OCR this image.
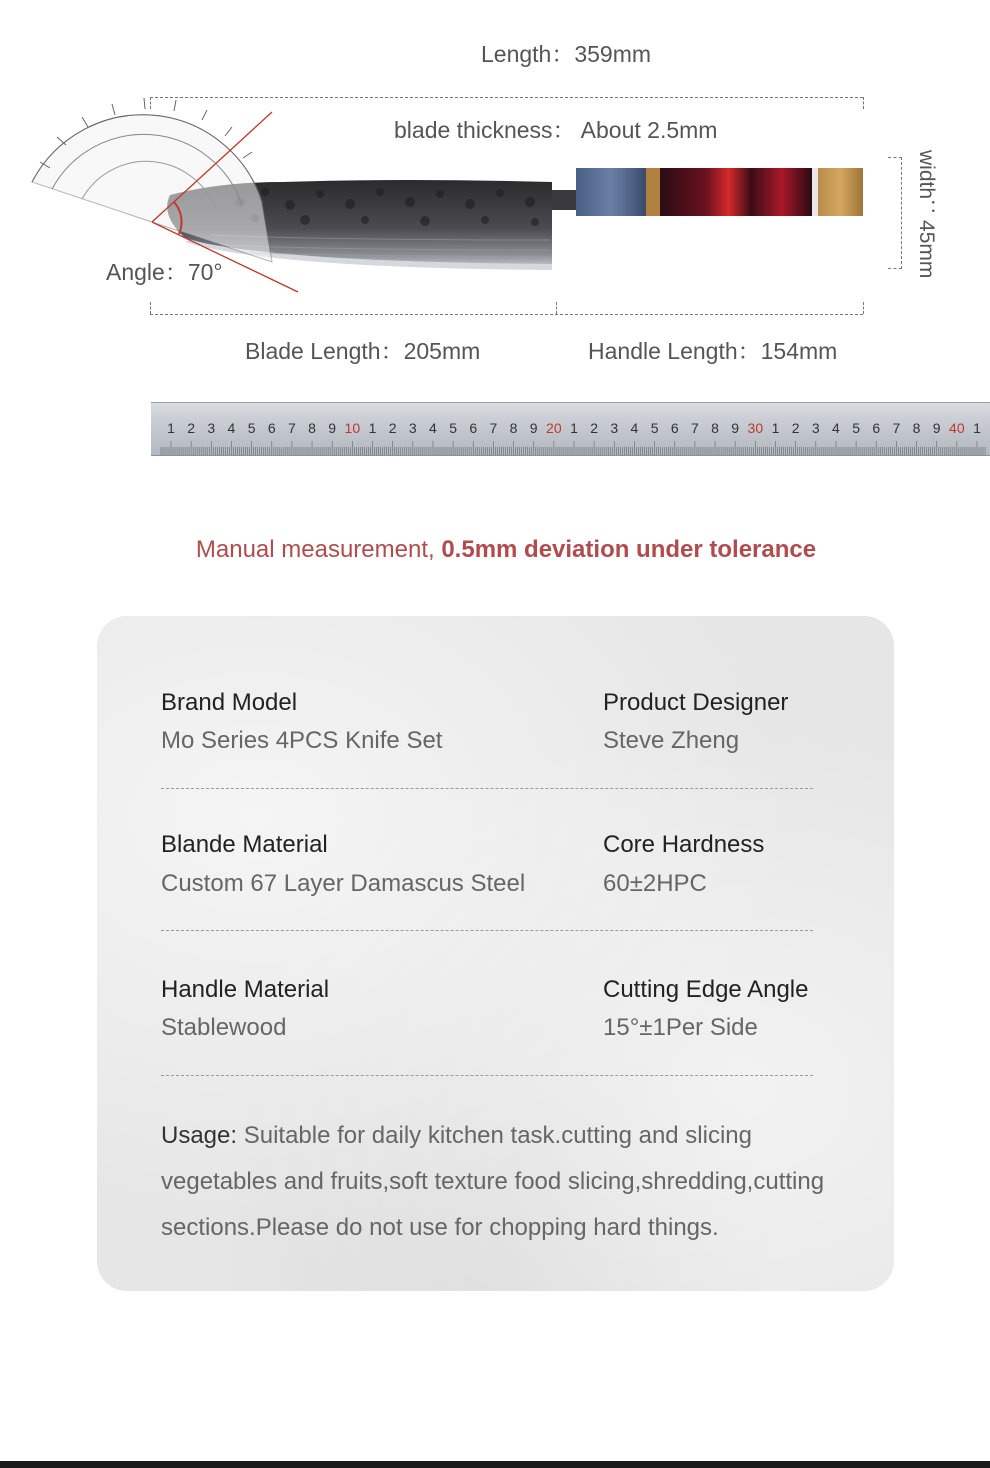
Length：359mm
blade thickness： About 2.5mm
Angle：70°	width：45mm
Blade Length：205mm	Handle Length：154mm
1 2 3 4 5 6 7 8 9 10 1 2 3 4 5 6 7 8 9 20 1 2 3 4 5 6 7 8 9 30 1 2 3 4 5 6 7 8 9 40 1
Manual measurement, 0.5mm deviation under tolerance
Brand Model
Mo Series 4PCS Knife Set
Product Designer
Steve Zheng
Blande Material
Custom 67 Layer Damascus Steel
Core Hardness
60±2HPC
Handle Material
Stablewood
Cutting Edge Angle
15°±1Per Side
Usage: Suitable for daily kitchen task.cutting and slicing vegetables and fruits,soft texture food slicing,shredding,cutting sections.Please do not use for chopping hard things.
